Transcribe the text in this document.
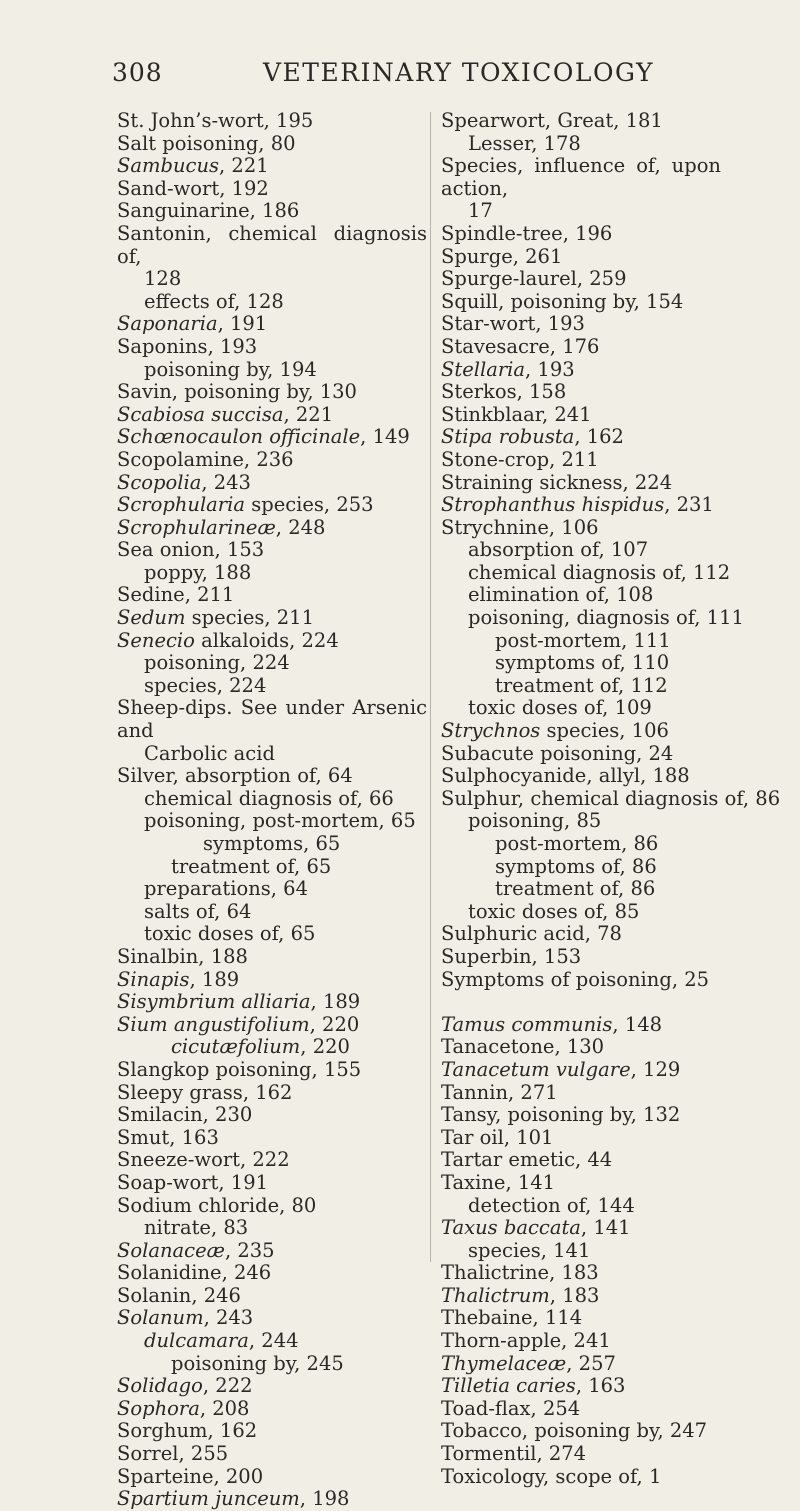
308	VETERINARY TOXICOLOGY
St. John’s-wort, 195
Salt poisoning, 80
Sambucus, 221
Sand-wort, 192
Sanguinarine, 186
Santonin, chemical diagnosis of,
128
effects of, 128
Saponaria, 191
Saponins, 193
poisoning by, 194
Savin, poisoning by, 130
Scabiosa succisa, 221
Schœnocaulon officinale, 149
Scopolamine, 236
Scopolia, 243
Scrophularia species, 253
Scrophularineæ, 248
Sea onion, 153
poppy, 188
Sedine, 211
Sedum species, 211
Senecio alkaloids, 224
poisoning, 224
species, 224
Sheep-dips. See under Arsenic and
Carbolic acid
Silver, absorption of, 64
chemical diagnosis of, 66
poisoning, post-mortem, 65
symptoms, 65
treatment of, 65
preparations, 64
salts of, 64
toxic doses of, 65
Sinalbin, 188
Sinapis, 189
Sisymbrium alliaria, 189
Sium angustifolium, 220
cicutæfolium, 220
Slangkop poisoning, 155
Sleepy grass, 162
Smilacin, 230
Smut, 163
Sneeze-wort, 222
Soap-wort, 191
Sodium chloride, 80
nitrate, 83
Solanaceæ, 235
Solanidine, 246
Solanin, 246
Solanum, 243
dulcamara, 244
poisoning by, 245
Solidago, 222
Sophora, 208
Sorghum, 162
Sorrel, 255
Sparteine, 200
Spartium junceum, 198
Spearwort, Great, 181
Lesser, 178
Species, influence of, upon action,
17
Spindle-tree, 196
Spurge, 261
Spurge-laurel, 259
Squill, poisoning by, 154
Star-wort, 193
Stavesacre, 176
Stellaria, 193
Sterkos, 158
Stinkblaar, 241
Stipa robusta, 162
Stone-crop, 211
Straining sickness, 224
Strophanthus hispidus, 231
Strychnine, 106
absorption of, 107
chemical diagnosis of, 112
elimination of, 108
poisoning, diagnosis of, 111
post-mortem, 111
symptoms of, 110
treatment of, 112
toxic doses of, 109
Strychnos species, 106
Subacute poisoning, 24
Sulphocyanide, allyl, 188
Sulphur, chemical diagnosis of, 86
poisoning, 85
post-mortem, 86
symptoms of, 86
treatment of, 86
toxic doses of, 85
Sulphuric acid, 78
Superbin, 153
Symptoms of poisoning, 25
Tamus communis, 148
Tanacetone, 130
Tanacetum vulgare, 129
Tannin, 271
Tansy, poisoning by, 132
Tar oil, 101
Tartar emetic, 44
Taxine, 141
detection of, 144
Taxus baccata, 141
species, 141
Thalictrine, 183
Thalictrum, 183
Thebaine, 114
Thorn-apple, 241
Thymelaceæ, 257
Tilletia caries, 163
Toad-flax, 254
Tobacco, poisoning by, 247
Tormentil, 274
Toxicology, scope of, 1
